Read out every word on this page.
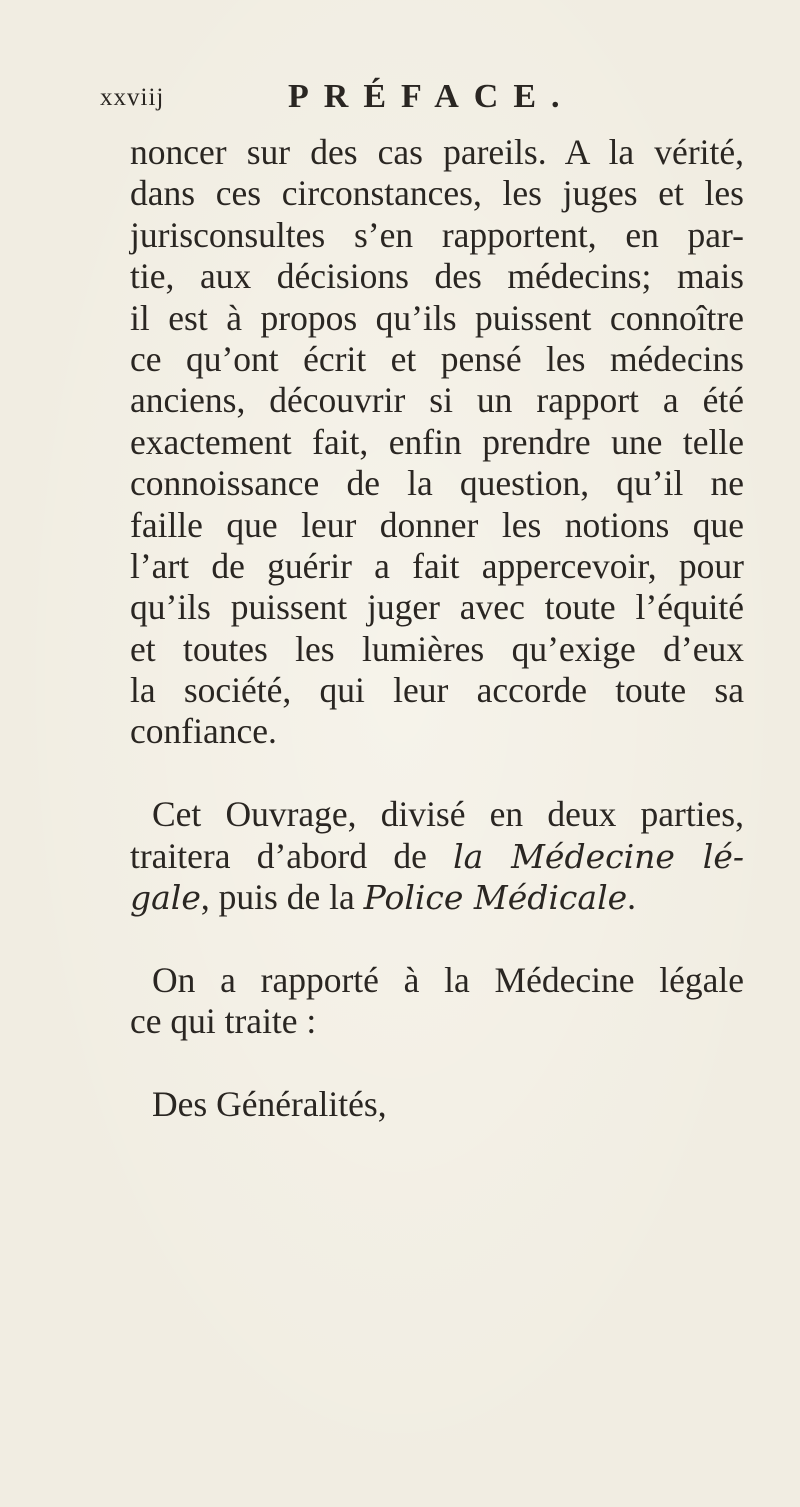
xxviij	PRÉFACE.
noncer sur des cas pareils. A la vérité,
dans ces circonstances, les juges et les
jurisconsultes s’en rapportent, en par-
tie, aux décisions des médecins; mais
il est à propos qu’ils puissent connoître
ce qu’ont écrit et pensé les médecins
anciens, découvrir si un rapport a été
exactement fait, enfin prendre une telle
connoissance de la question, qu’il ne
faille que leur donner les notions que
l’art de guérir a fait appercevoir, pour
qu’ils puissent juger avec toute l’équité
et toutes les lumières qu’exige d’eux
la société, qui leur accorde toute sa
confiance.
Cet Ouvrage, divisé en deux parties,
traitera d’abord de la Médecine lé-
gale, puis de la Police Médicale.
On a rapporté à la Médecine légale
ce qui traite :
Des Généralités,
